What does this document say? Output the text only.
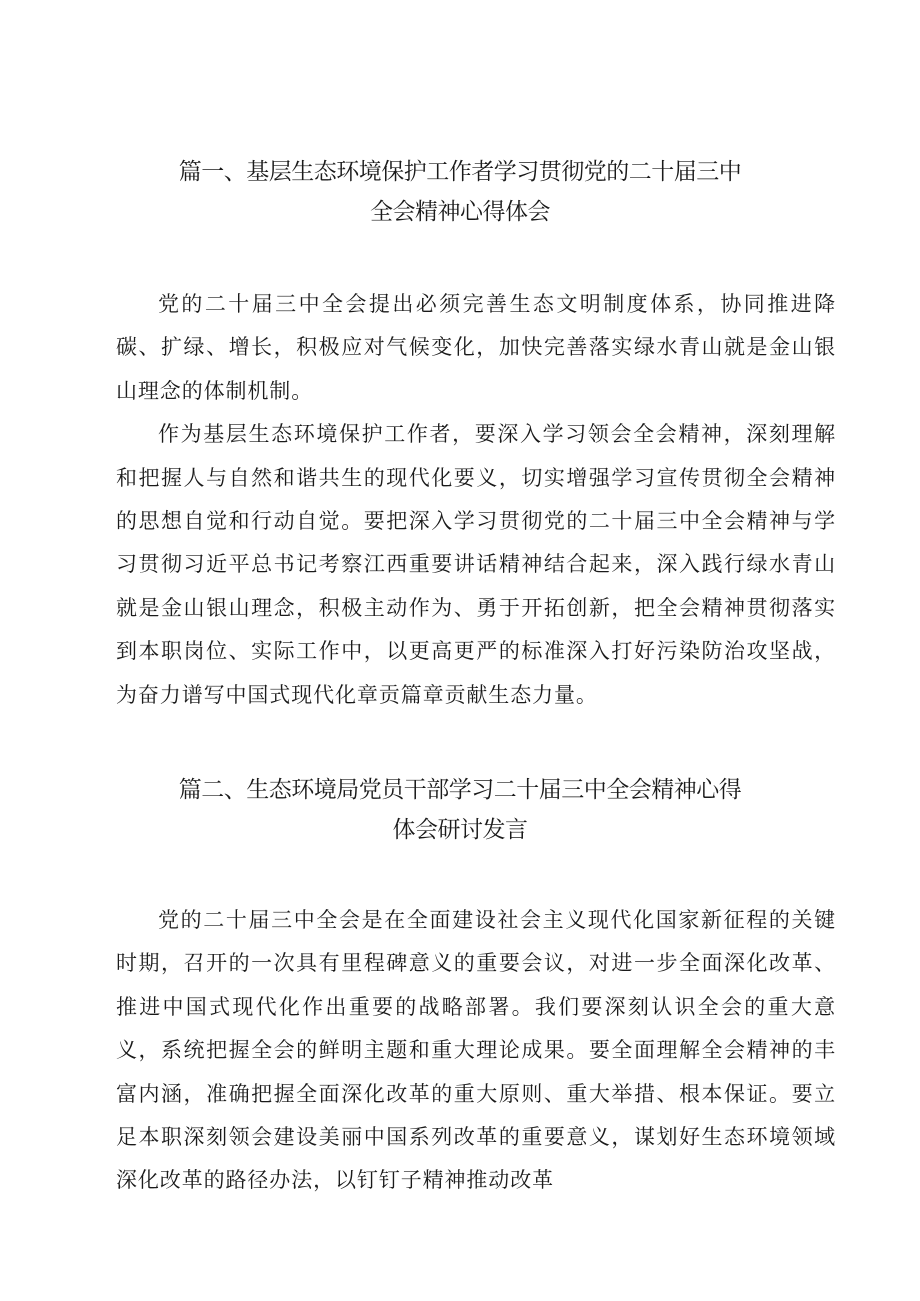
篇一、基层生态环境保护工作者学习贯彻党的二十届三中
全会精神心得体会

党的二十届三中全会提出必须完善生态文明制度体系，协同推进降碳、扩绿、增长，积极应对气候变化，加快完善落实绿水青山就是金山银山理念的体制机制。

作为基层生态环境保护工作者，要深入学习领会全会精神，深刻理解和把握人与自然和谐共生的现代化要义，切实增强学习宣传贯彻全会精神的思想自觉和行动自觉。要把深入学习贯彻党的二十届三中全会精神与学习贯彻习近平总书记考察江西重要讲话精神结合起来，深入践行绿水青山就是金山银山理念，积极主动作为、勇于开拓创新，把全会精神贯彻落实到本职岗位、实际工作中，以更高更严的标准深入打好污染防治攻坚战，为奋力谱写中国式现代化章贡篇章贡献生态力量。

篇二、生态环境局党员干部学习二十届三中全会精神心得
体会研讨发言

党的二十届三中全会是在全面建设社会主义现代化国家新征程的关键时期，召开的一次具有里程碑意义的重要会议，对进一步全面深化改革、推进中国式现代化作出重要的战略部署。我们要深刻认识全会的重大意义，系统把握全会的鲜明主题和重大理论成果。要全面理解全会精神的丰富内涵，准确把握全面深化改革的重大原则、重大举措、根本保证。要立足本职深刻领会建设美丽中国系列改革的重要意义，谋划好生态环境领域深化改革的路径办法，以钉钉子精神推动改革
